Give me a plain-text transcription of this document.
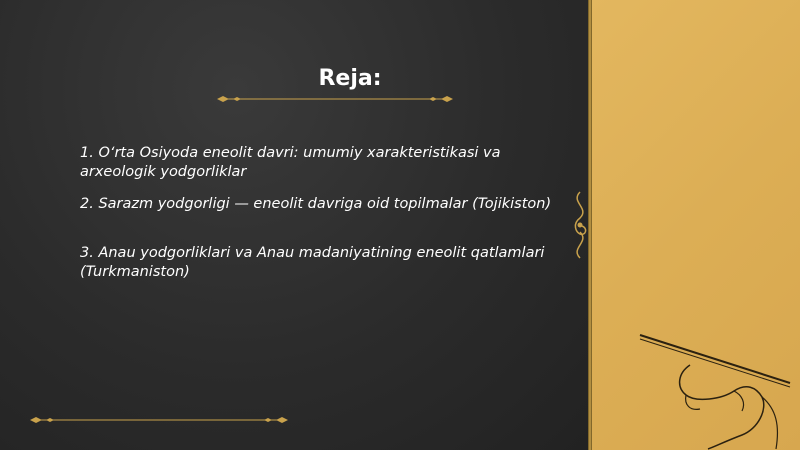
Reja:

1. O‘rta Osiyoda eneolit davri: umumiy xarakteristikasi va arxeologik yodgorliklar

2. Sarazm yodgorligi — eneolit davriga oid topilmalar (Tojikiston)

3. Anau yodgorliklari va Anau madaniyatining eneolit qatlamlari (Turkmaniston)
